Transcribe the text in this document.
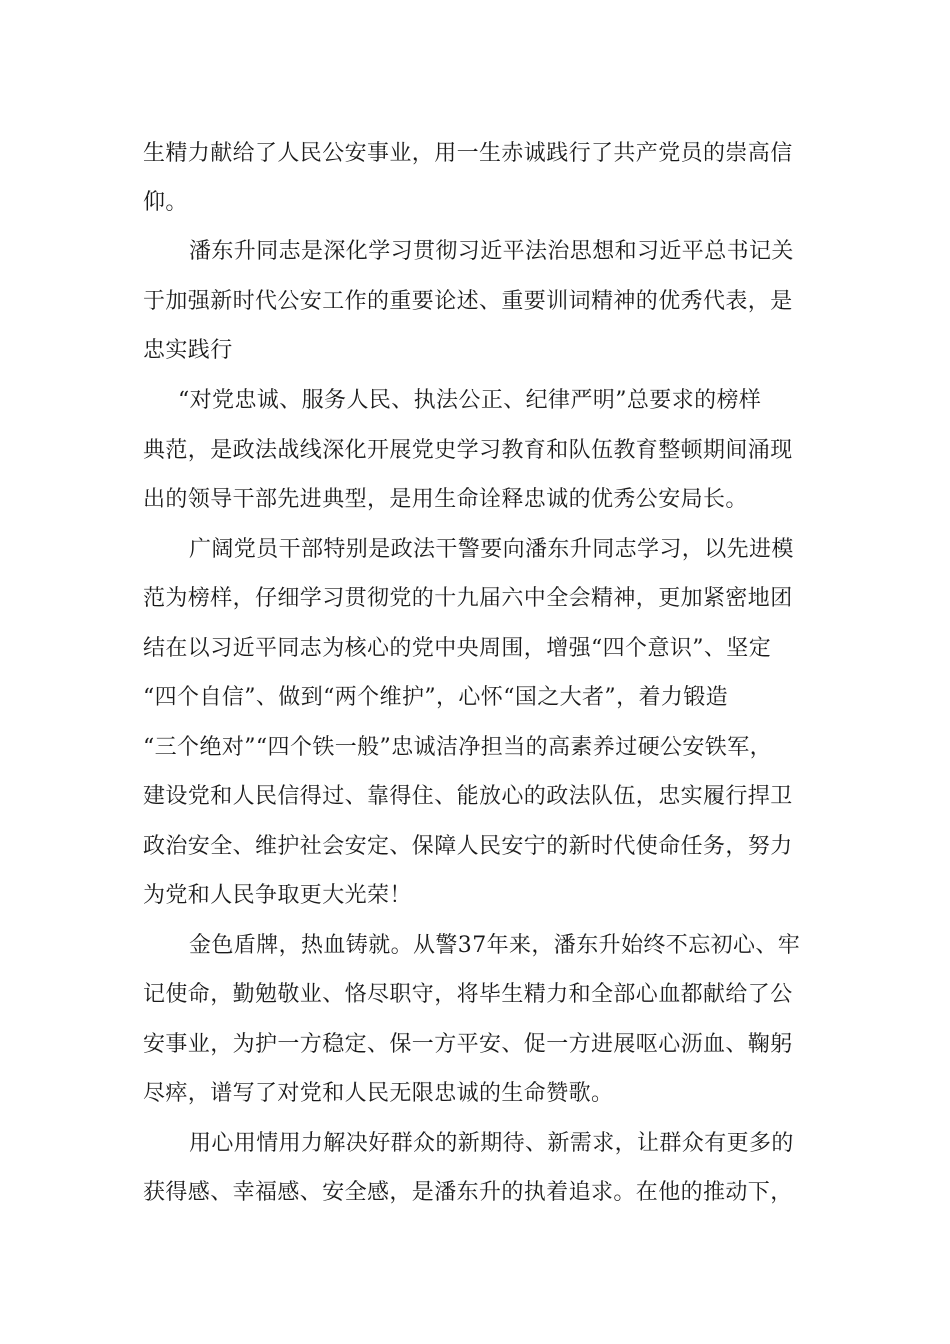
生精力献给了人民公安事业，用一生赤诚践行了共产党员的崇高信
仰。
潘东升同志是深化学习贯彻习近平法治思想和习近平总书记关
于加强新时代公安工作的重要论述、重要训词精神的优秀代表，是
忠实践行
“对党忠诚、服务人民、执法公正、纪律严明”总要求的榜样
典范，是政法战线深化开展党史学习教育和队伍教育整顿期间涌现
出的领导干部先进典型，是用生命诠释忠诚的优秀公安局长。
广阔党员干部特别是政法干警要向潘东升同志学习，以先进模
范为榜样，仔细学习贯彻党的十九届六中全会精神，更加紧密地团
结在以习近平同志为核心的党中央周围，增强“四个意识”、坚定
“四个自信”、做到“两个维护”，心怀“国之大者”，着力锻造
“三个绝对”“四个铁一般”忠诚洁净担当的高素养过硬公安铁军，
建设党和人民信得过、靠得住、能放心的政法队伍，忠实履行捍卫
政治安全、维护社会安定、保障人民安宁的新时代使命任务，努力
为党和人民争取更大光荣！
金色盾牌，热血铸就。从警37年来，潘东升始终不忘初心、牢
记使命，勤勉敬业、恪尽职守，将毕生精力和全部心血都献给了公
安事业，为护一方稳定、保一方平安、促一方进展呕心沥血、鞠躬
尽瘁，谱写了对党和人民无限忠诚的生命赞歌。
用心用情用力解决好群众的新期待、新需求，让群众有更多的
获得感、幸福感、安全感，是潘东升的执着追求。在他的推动下，
